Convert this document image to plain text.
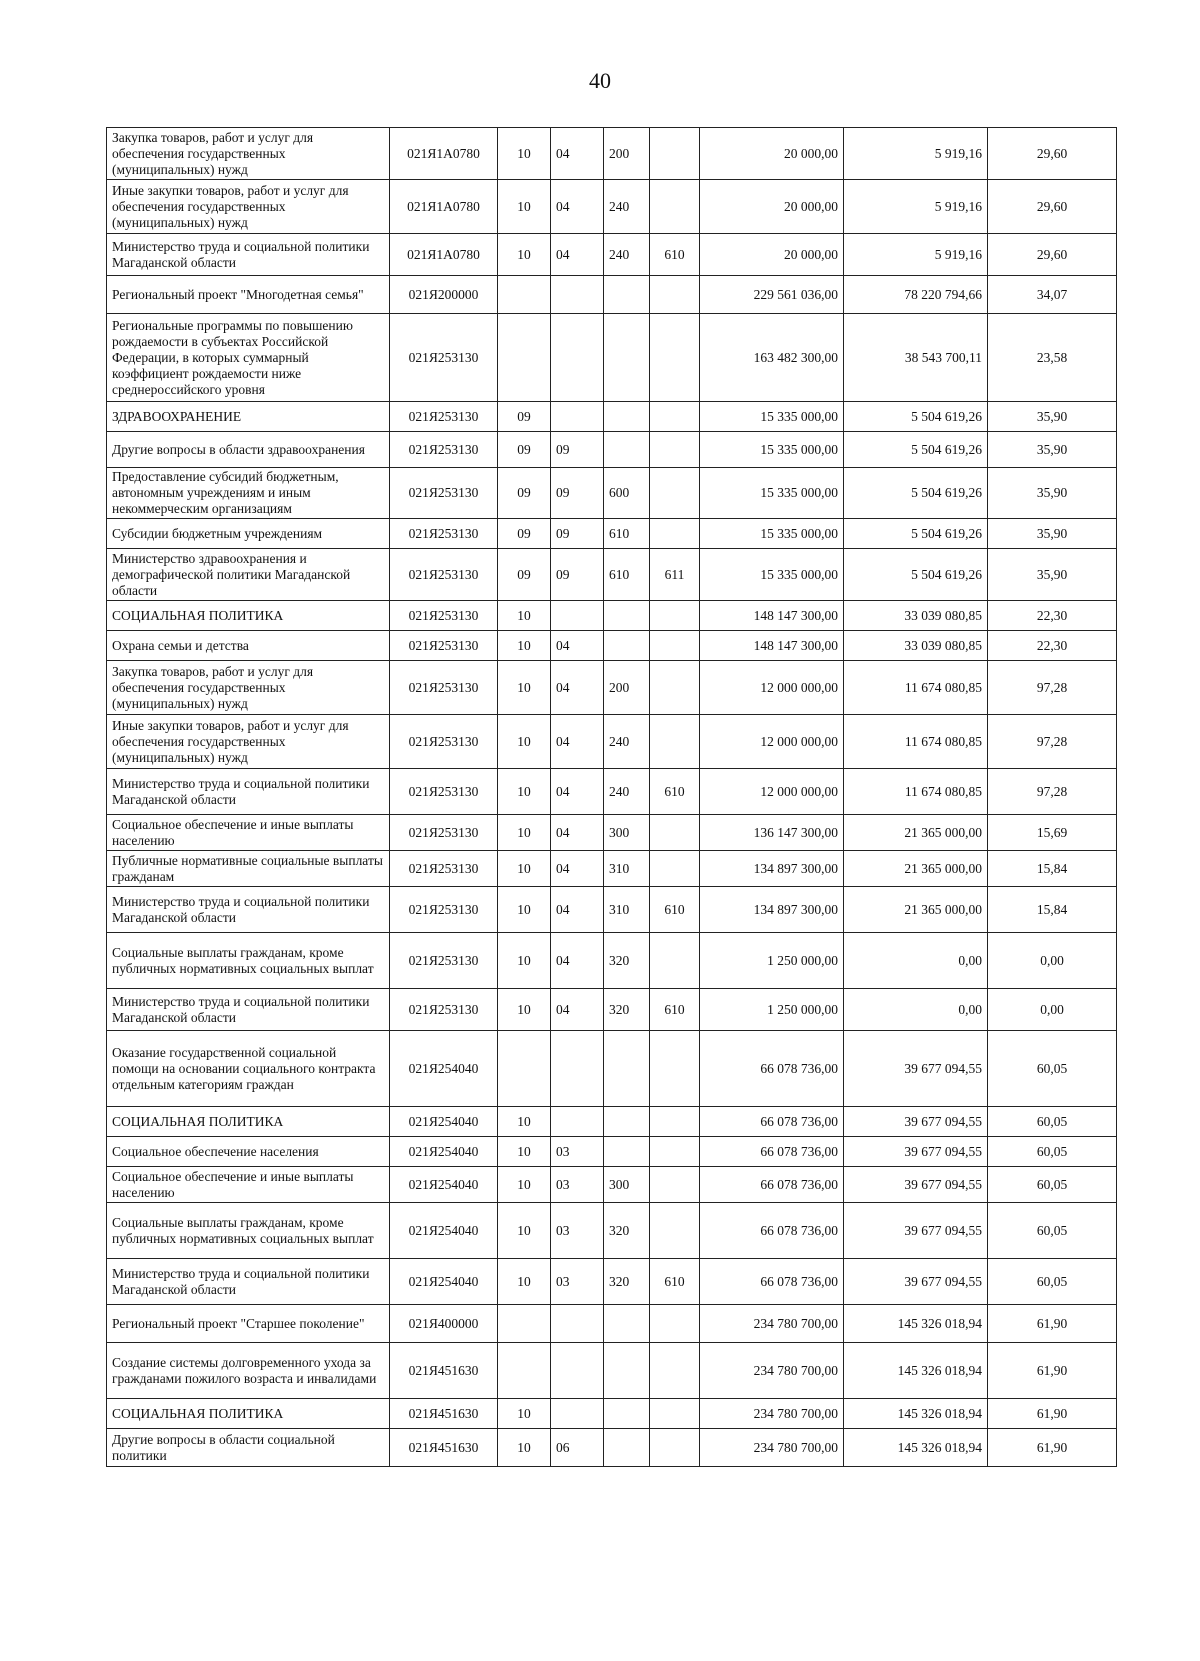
40
Закупка товаров, работ и услуг для обеспечения государственных (муниципальных) нужд	021Я1А0780	10	04	200		20 000,00	5 919,16	29,60
Иные закупки товаров, работ и услуг для обеспечения государственных (муниципальных) нужд	021Я1А0780	10	04	240		20 000,00	5 919,16	29,60
Министерство труда и социальной политики Магаданской области	021Я1А0780	10	04	240	610	20 000,00	5 919,16	29,60
Региональный проект "Многодетная семья"	021Я200000					229 561 036,00	78 220 794,66	34,07
Региональные программы по повышению рождаемости в субъектах Российской Федерации, в которых суммарный коэффициент рождаемости ниже среднероссийского уровня	021Я253130					163 482 300,00	38 543 700,11	23,58
ЗДРАВООХРАНЕНИЕ	021Я253130	09				15 335 000,00	5 504 619,26	35,90
Другие вопросы в области здравоохранения	021Я253130	09	09			15 335 000,00	5 504 619,26	35,90
Предоставление субсидий бюджетным, автономным учреждениям и иным некоммерческим организациям	021Я253130	09	09	600		15 335 000,00	5 504 619,26	35,90
Субсидии бюджетным учреждениям	021Я253130	09	09	610		15 335 000,00	5 504 619,26	35,90
Министерство здравоохранения и демографической политики Магаданской области	021Я253130	09	09	610	611	15 335 000,00	5 504 619,26	35,90
СОЦИАЛЬНАЯ ПОЛИТИКА	021Я253130	10				148 147 300,00	33 039 080,85	22,30
Охрана семьи и детства	021Я253130	10	04			148 147 300,00	33 039 080,85	22,30
Закупка товаров, работ и услуг для обеспечения государственных (муниципальных) нужд	021Я253130	10	04	200		12 000 000,00	11 674 080,85	97,28
Иные закупки товаров, работ и услуг для обеспечения государственных (муниципальных) нужд	021Я253130	10	04	240		12 000 000,00	11 674 080,85	97,28
Министерство труда и социальной политики Магаданской области	021Я253130	10	04	240	610	12 000 000,00	11 674 080,85	97,28
Социальное обеспечение и иные выплаты населению	021Я253130	10	04	300		136 147 300,00	21 365 000,00	15,69
Публичные нормативные социальные выплаты гражданам	021Я253130	10	04	310		134 897 300,00	21 365 000,00	15,84
Министерство труда и социальной политики Магаданской области	021Я253130	10	04	310	610	134 897 300,00	21 365 000,00	15,84
Социальные выплаты гражданам, кроме публичных нормативных социальных выплат	021Я253130	10	04	320		1 250 000,00	0,00	0,00
Министерство труда и социальной политики Магаданской области	021Я253130	10	04	320	610	1 250 000,00	0,00	0,00
Оказание государственной социальной помощи на основании социального контракта отдельным категориям граждан	021Я254040					66 078 736,00	39 677 094,55	60,05
СОЦИАЛЬНАЯ ПОЛИТИКА	021Я254040	10				66 078 736,00	39 677 094,55	60,05
Социальное обеспечение населения	021Я254040	10	03			66 078 736,00	39 677 094,55	60,05
Социальное обеспечение и иные выплаты населению	021Я254040	10	03	300		66 078 736,00	39 677 094,55	60,05
Социальные выплаты гражданам, кроме публичных нормативных социальных выплат	021Я254040	10	03	320		66 078 736,00	39 677 094,55	60,05
Министерство труда и социальной политики Магаданской области	021Я254040	10	03	320	610	66 078 736,00	39 677 094,55	60,05
Региональный проект "Старшее поколение"	021Я400000					234 780 700,00	145 326 018,94	61,90
Создание системы долговременного ухода за гражданами пожилого возраста и инвалидами	021Я451630					234 780 700,00	145 326 018,94	61,90
СОЦИАЛЬНАЯ ПОЛИТИКА	021Я451630	10				234 780 700,00	145 326 018,94	61,90
Другие вопросы в области социальной политики	021Я451630	10	06			234 780 700,00	145 326 018,94	61,90
